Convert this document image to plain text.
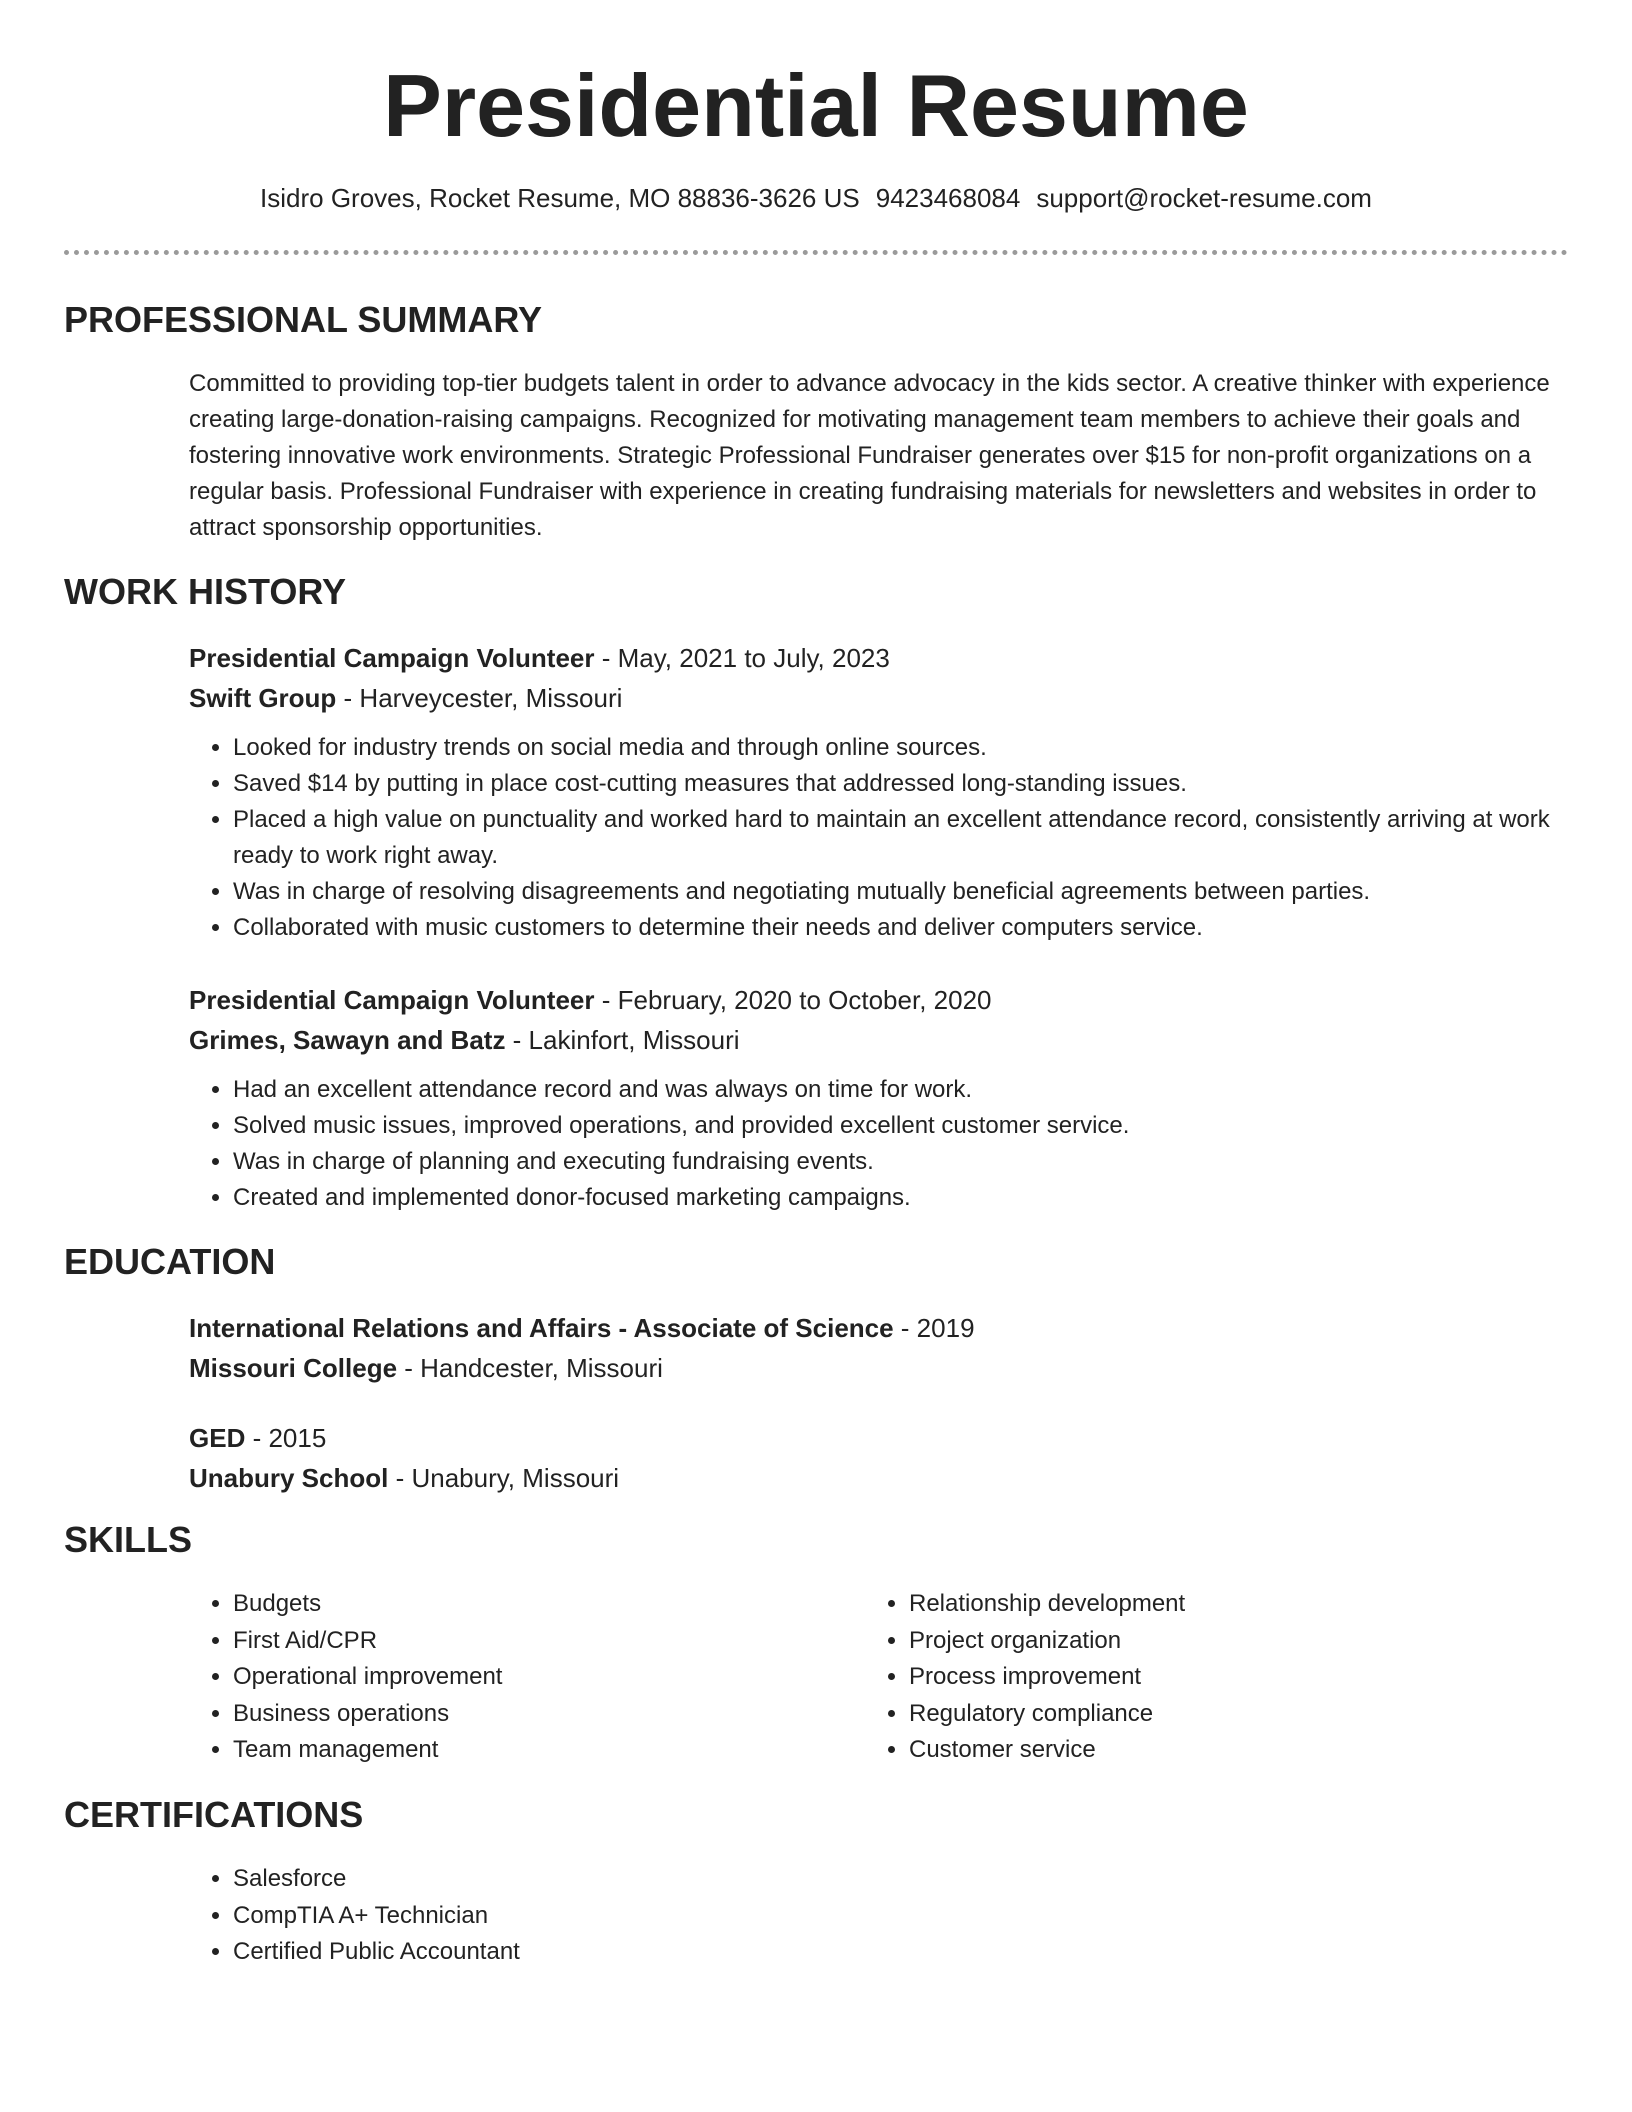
Presidential Resume
Isidro Groves, Rocket Resume, MO 88836-3626 US 9423468084 support@rocket-resume.com
PROFESSIONAL SUMMARY
Committed to providing top-tier budgets talent in order to advance advocacy in the kids sector. A creative thinker with experience creating large-donation-raising campaigns. Recognized for motivating management team members to achieve their goals and fostering innovative work environments. Strategic Professional Fundraiser generates over $15 for non-profit organizations on a regular basis. Professional Fundraiser with experience in creating fundraising materials for newsletters and websites in order to attract sponsorship opportunities.
WORK HISTORY
Presidential Campaign Volunteer - May, 2021 to July, 2023
Swift Group - Harveycester, Missouri
• Looked for industry trends on social media and through online sources.
• Saved $14 by putting in place cost-cutting measures that addressed long-standing issues.
• Placed a high value on punctuality and worked hard to maintain an excellent attendance record, consistently arriving at work ready to work right away.
• Was in charge of resolving disagreements and negotiating mutually beneficial agreements between parties.
• Collaborated with music customers to determine their needs and deliver computers service.
Presidential Campaign Volunteer - February, 2020 to October, 2020
Grimes, Sawayn and Batz - Lakinfort, Missouri
• Had an excellent attendance record and was always on time for work.
• Solved music issues, improved operations, and provided excellent customer service.
• Was in charge of planning and executing fundraising events.
• Created and implemented donor-focused marketing campaigns.
EDUCATION
International Relations and Affairs - Associate of Science - 2019
Missouri College - Handcester, Missouri
GED - 2015
Unabury School - Unabury, Missouri
SKILLS
• Budgets
• First Aid/CPR
• Operational improvement
• Business operations
• Team management
• Relationship development
• Project organization
• Process improvement
• Regulatory compliance
• Customer service
CERTIFICATIONS
• Salesforce
• CompTIA A+ Technician
• Certified Public Accountant
